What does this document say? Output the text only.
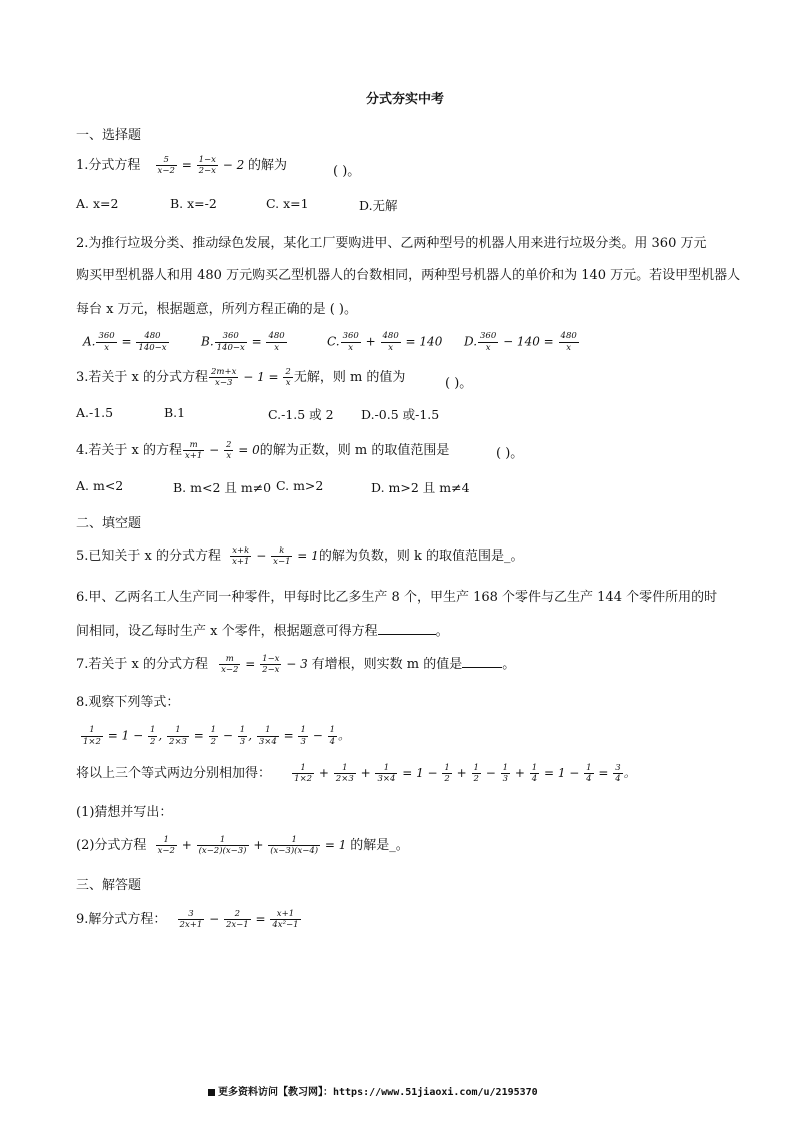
分式夯实中考
一、选择题
1.分式方程 $\frac{5}{x-2} = \frac{1-x}{2-x} - 2$ 的解为	( )。
A. x=2	B. x=-2	C. x=1	D.无解
2.为推行垃圾分类、推动绿色发展，某化工厂要购进甲、乙两种型号的机器人用来进行垃圾分类。用 360 万元
购买甲型机器人和用 480 万元购买乙型机器人的台数相同，两种型号机器人的单价和为 140 万元。若设甲型机器人
每台 x 万元，根据题意，所列方程正确的是 ( )。
A. $\frac{360}{x} = \frac{480}{140-x}$	B. $\frac{360}{140-x} = \frac{480}{x}$	C. $\frac{360}{x} + \frac{480}{x} = 140$ D. $\frac{360}{x} - 140 = \frac{480}{x}$
3.若关于 x 的分式方程 $\frac{2m+x}{x-3} - 1 = \frac{2}{x}$ 无解，则 m 的值为	( )。
A.-1.5	B.1	C.-1.5 或 2 D.-0.5 或-1.5
4.若关于 x 的方程 $\frac{m}{x+1} - \frac{2}{x} = 0$的解为正数，则 m 的取值范围是	( )。
A. m<2	B. m<2 且 m≠0 C. m>2	D. m>2 且 m≠4
二、填空题
5.已知关于 x 的分式方程 $\frac{x+k}{x+1} - \frac{k}{x-1} = 1$的解为负数，则 k 的取值范围是_。
6.甲、乙两名工人生产同一种零件，甲每时比乙多生产 8 个，甲生产 168 个零件与乙生产 144 个零件所用的时
间相同，设乙每时生产 x 个零件，根据题意可得方程	。
7.若关于 x 的分式方程 $\frac{m}{x-2} = \frac{1-x}{2-x} - 3$ 有增根，则实数 m 的值是	。
8.观察下列等式：
$\frac{1}{1\times 2} = 1 - \frac{1}{2}$ , $\frac{1}{2\times 3} = \frac{1}{2} - \frac{1}{3}$ , $\frac{1}{3\times 4} = \frac{1}{3} - \frac{1}{4}$ 。
将以上三个等式两边分别相加得： $\frac{1}{1\times 2} + \frac{1}{2\times 3} + \frac{1}{3\times 4} = 1 - \frac{1}{2} + \frac{1}{2} - \frac{1}{3} + \frac{1}{4} = 1 - \frac{1}{4} = \frac{3}{4}$ 。
(1)猜想并写出：
(2)分式方程 $\frac{1}{x-2} + \frac{1}{(x-2)(x-3)} + \frac{1}{(x-3)(x-4)} = 1$ 的解是_。
三、解答题
9.解分式方程： $\frac{3}{2x+1} - \frac{2}{2x-1} = \frac{x+1}{\text{4x²−1}}$
更多资料访问【教习网】：https://www.51jiaoxi.com/u/2195370
